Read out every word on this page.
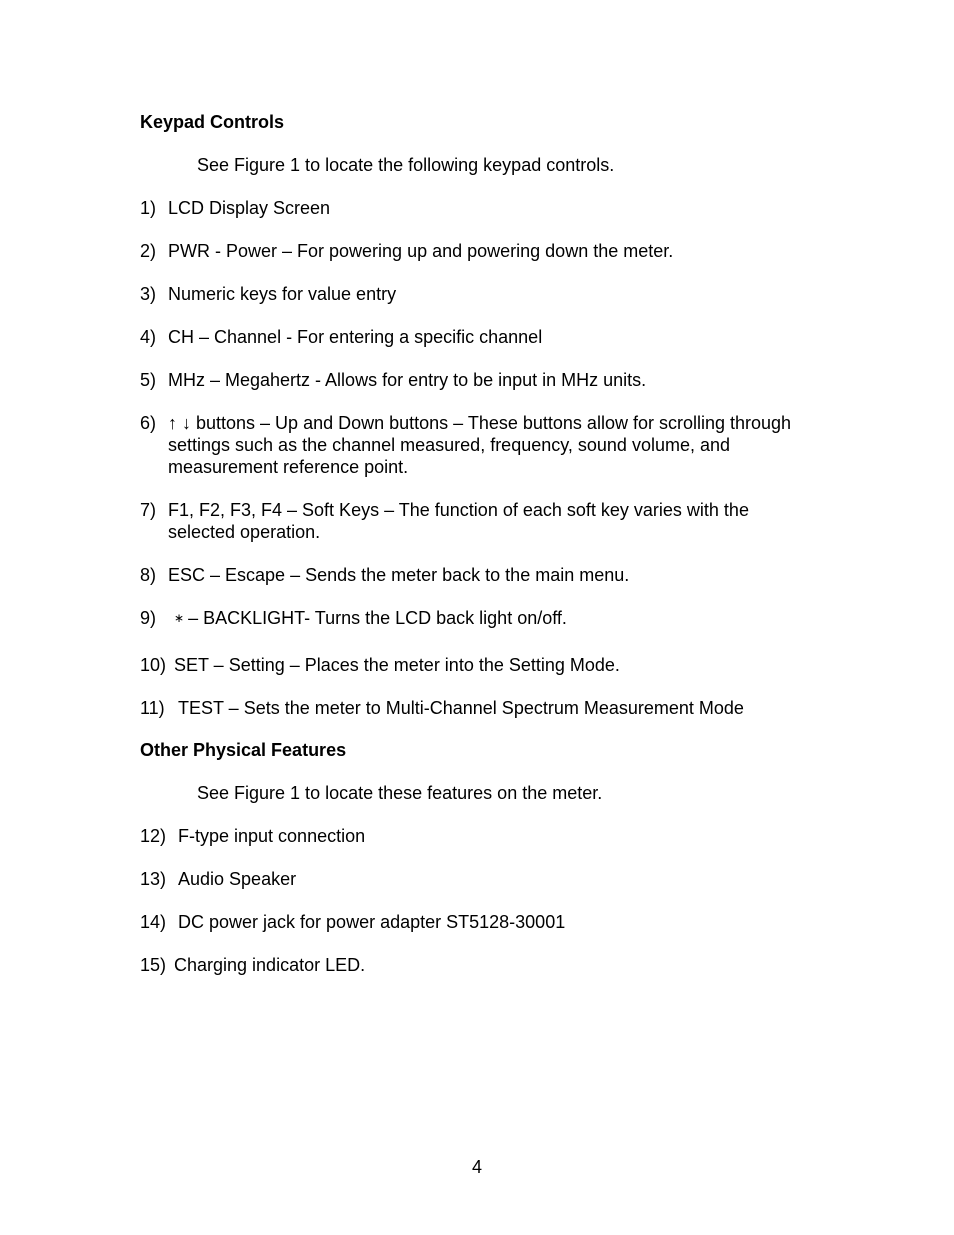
Keypad Controls
See Figure 1 to locate the following keypad controls.
1) LCD Display Screen
2) PWR - Power – For powering up and powering down the meter.
3) Numeric keys for value entry
4) CH – Channel - For entering a specific channel
5) MHz – Megahertz - Allows for entry to be input in MHz units.
6) ↑ ↓ buttons – Up and Down buttons – These buttons allow for scrolling through settings such as the channel measured, frequency, sound volume, and measurement reference point.
7) F1, F2, F3, F4 – Soft Keys – The function of each soft key varies with the selected operation.
8) ESC – Escape – Sends the meter back to the main menu.
9)	∗ – BACKLIGHT- Turns the LCD back light on/off.
10) SET – Setting – Places the meter into the Setting Mode.
11) TEST – Sets the meter to Multi-Channel Spectrum Measurement Mode
Other Physical Features
See Figure 1 to locate these features on the meter.
12) F-type input connection
13) Audio Speaker
14) DC power jack for power adapter ST5128-30001
15) Charging indicator LED.
4
